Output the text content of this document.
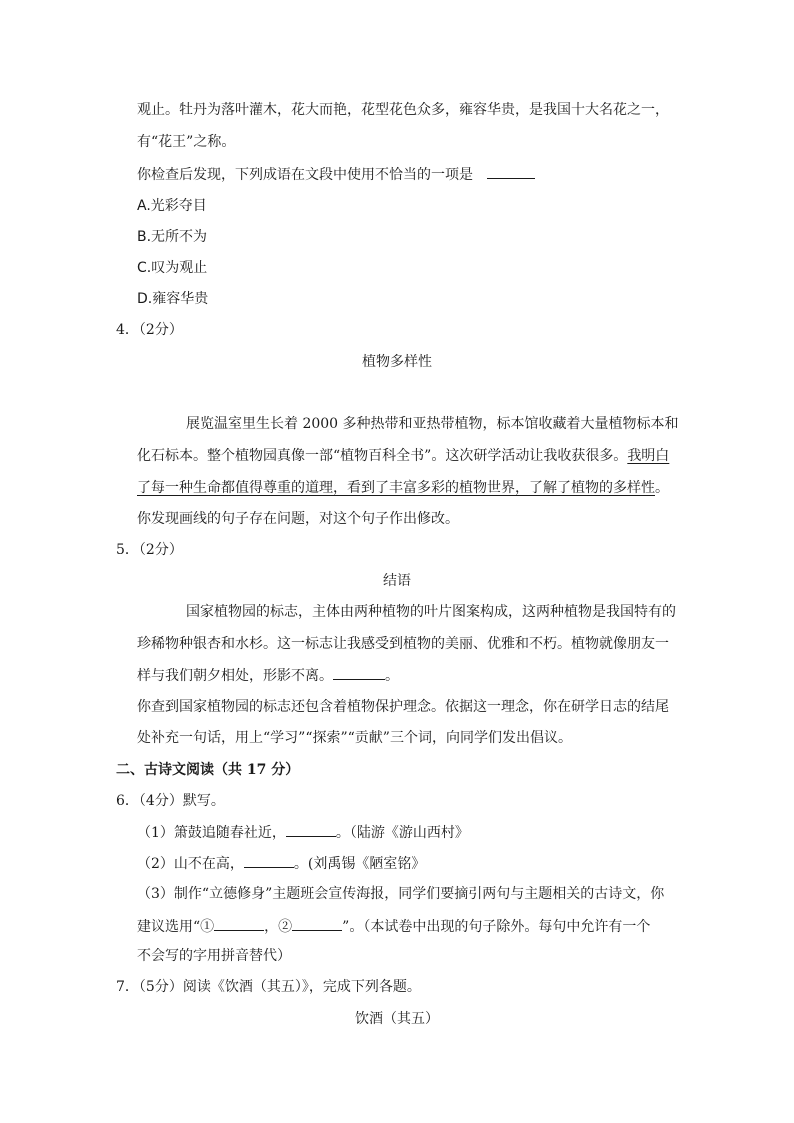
观止。牡丹为落叶灌木，花大而艳，花型花色众多，雍容华贵，是我国十大名花之一，
有“花王”之称。
你检查后发现，下列成语在文段中使用不恰当的一项是
A.光彩夺目
B.无所不为
C.叹为观止
D.雍容华贵
4．（2分）
植物多样性
展览温室里生长着 2000 多种热带和亚热带植物，标本馆收藏着大量植物标本和
化石标本。整个植物园真像一部“植物百科全书”。这次研学活动让我收获很多。我明白
了每一种生命都值得尊重的道理，看到了丰富多彩的植物世界，了解了植物的多样性。
你发现画线的句子存在问题，对这个句子作出修改。
5．（2分）
结语
国家植物园的标志，主体由两种植物的叶片图案构成，这两种植物是我国特有的
珍稀物种银杏和水杉。这一标志让我感受到植物的美丽、优雅和不朽。植物就像朋友一
样与我们朝夕相处，形影不离。	。
你查到国家植物园的标志还包含着植物保护理念。依据这一理念，你在研学日志的结尾
处补充一句话，用上“学习”“探索”“贡献”三个词，向同学们发出倡议。
二、古诗文阅读（共 17 分）
6．（4分）默写。
（1）箫鼓追随春社近，	。（陆游《游山西村》
（2）山不在高，	。(刘禹锡《陋室铭》
（3）制作“立德修身”主题班会宣传海报，同学们要摘引两句与主题相关的古诗文，你
建议选用“①	，②	”。（本试卷中出现的句子除外。每句中允许有一个
不会写的字用拼音替代）
7．（5分）阅读《饮酒（其五）》，完成下列各题。
饮酒（其五）
